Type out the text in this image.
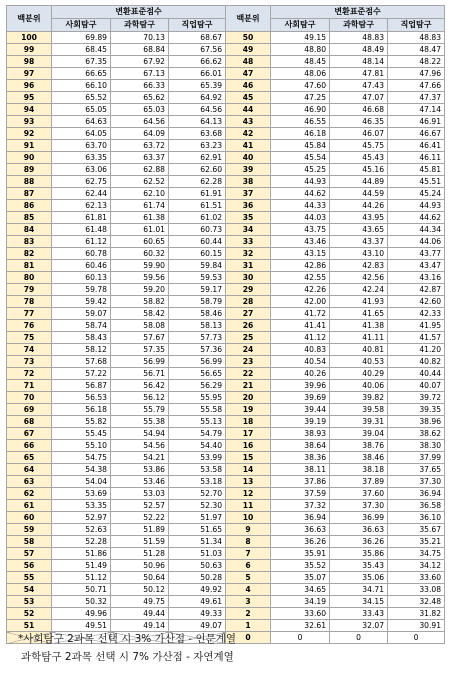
백분위	변환표준점수			백분위	변환표준점수		
	사회탐구	과학탐구	직업탐구		사회탐구	과학탐구	직업탐구
100	69.89	70.13	68.67	50	49.15	48.83	48.83
99	68.45	68.84	67.56	49	48.80	48.49	48.47
98	67.35	67.92	66.62	48	48.45	48.14	48.22
97	66.65	67.13	66.01	47	48.06	47.81	47.96
96	66.10	66.33	65.39	46	47.60	47.43	47.66
95	65.52	65.62	64.92	45	47.25	47.07	47.37
94	65.05	65.03	64.56	44	46.90	46.68	47.14
93	64.63	64.56	64.13	43	46.55	46.35	46.91
92	64.05	64.09	63.68	42	46.18	46.07	46.67
91	63.70	63.72	63.23	41	45.84	45.75	46.41
90	63.35	63.37	62.91	40	45.54	45.43	46.11
89	63.06	62.88	62.60	39	45.25	45.16	45.81
88	62.75	62.52	62.28	38	44.93	44.89	45.51
87	62.44	62.10	61.91	37	44.62	44.59	45.24
86	62.13	61.74	61.51	36	44.33	44.26	44.93
85	61.81	61.38	61.02	35	44.03	43.95	44.62
84	61.48	61.01	60.73	34	43.75	43.65	44.34
83	61.12	60.65	60.44	33	43.46	43.37	44.06
82	60.78	60.32	60.15	32	43.15	43.10	43.77
81	60.46	59.90	59.84	31	42.86	42.83	43.47
80	60.13	59.56	59.53	30	42.55	42.56	43.16
79	59.78	59.20	59.17	29	42.26	42.24	42.87
78	59.42	58.82	58.79	28	42.00	41.93	42.60
77	59.07	58.42	58.46	27	41.72	41.65	42.33
76	58.74	58.08	58.13	26	41.41	41.38	41.95
75	58.43	57.67	57.73	25	41.12	41.11	41.57
74	58.12	57.35	57.36	24	40.83	40.81	41.20
73	57.68	56.99	56.99	23	40.54	40.53	40.82
72	57.22	56.71	56.65	22	40.26	40.29	40.44
71	56.87	56.42	56.29	21	39.96	40.06	40.07
70	56.53	56.12	55.95	20	39.69	39.82	39.72
69	56.18	55.79	55.58	19	39.44	39.58	39.35
68	55.82	55.38	55.13	18	39.19	39.31	38.96
67	55.45	54.94	54.79	17	38.93	39.04	38.62
66	55.10	54.56	54.40	16	38.64	38.76	38.30
65	54.75	54.21	53.99	15	38.36	38.46	37.99
64	54.38	53.86	53.58	14	38.11	38.18	37.65
63	54.04	53.46	53.18	13	37.86	37.89	37.30
62	53.69	53.03	52.70	12	37.59	37.60	36.94
61	53.35	52.57	52.30	11	37.32	37.30	36.58
60	52.97	52.22	51.97	10	36.94	36.99	36.10
59	52.63	51.89	51.65	9	36.63	36.63	35.67
58	52.28	51.59	51.34	8	36.26	36.26	35.21
57	51.86	51.28	51.03	7	35.91	35.86	34.75
56	51.49	50.96	50.63	6	35.52	35.43	34.12
55	51.12	50.64	50.28	5	35.07	35.06	33.60
54	50.71	50.12	49.92	4	34.65	34.71	33.08
53	50.32	49.75	49.61	3	34.19	34.15	32.48
52	49.96	49.44	49.33	2	33.60	33.43	31.82
51	49.51	49.14	49.07	1	32.61	32.07	30.91
				0	0	0	0
*사회탐구 2과목 선택 시 3% 가산점 - 인문계열
과학탐구 2과목 선택 시 7% 가산점 - 자연계열
